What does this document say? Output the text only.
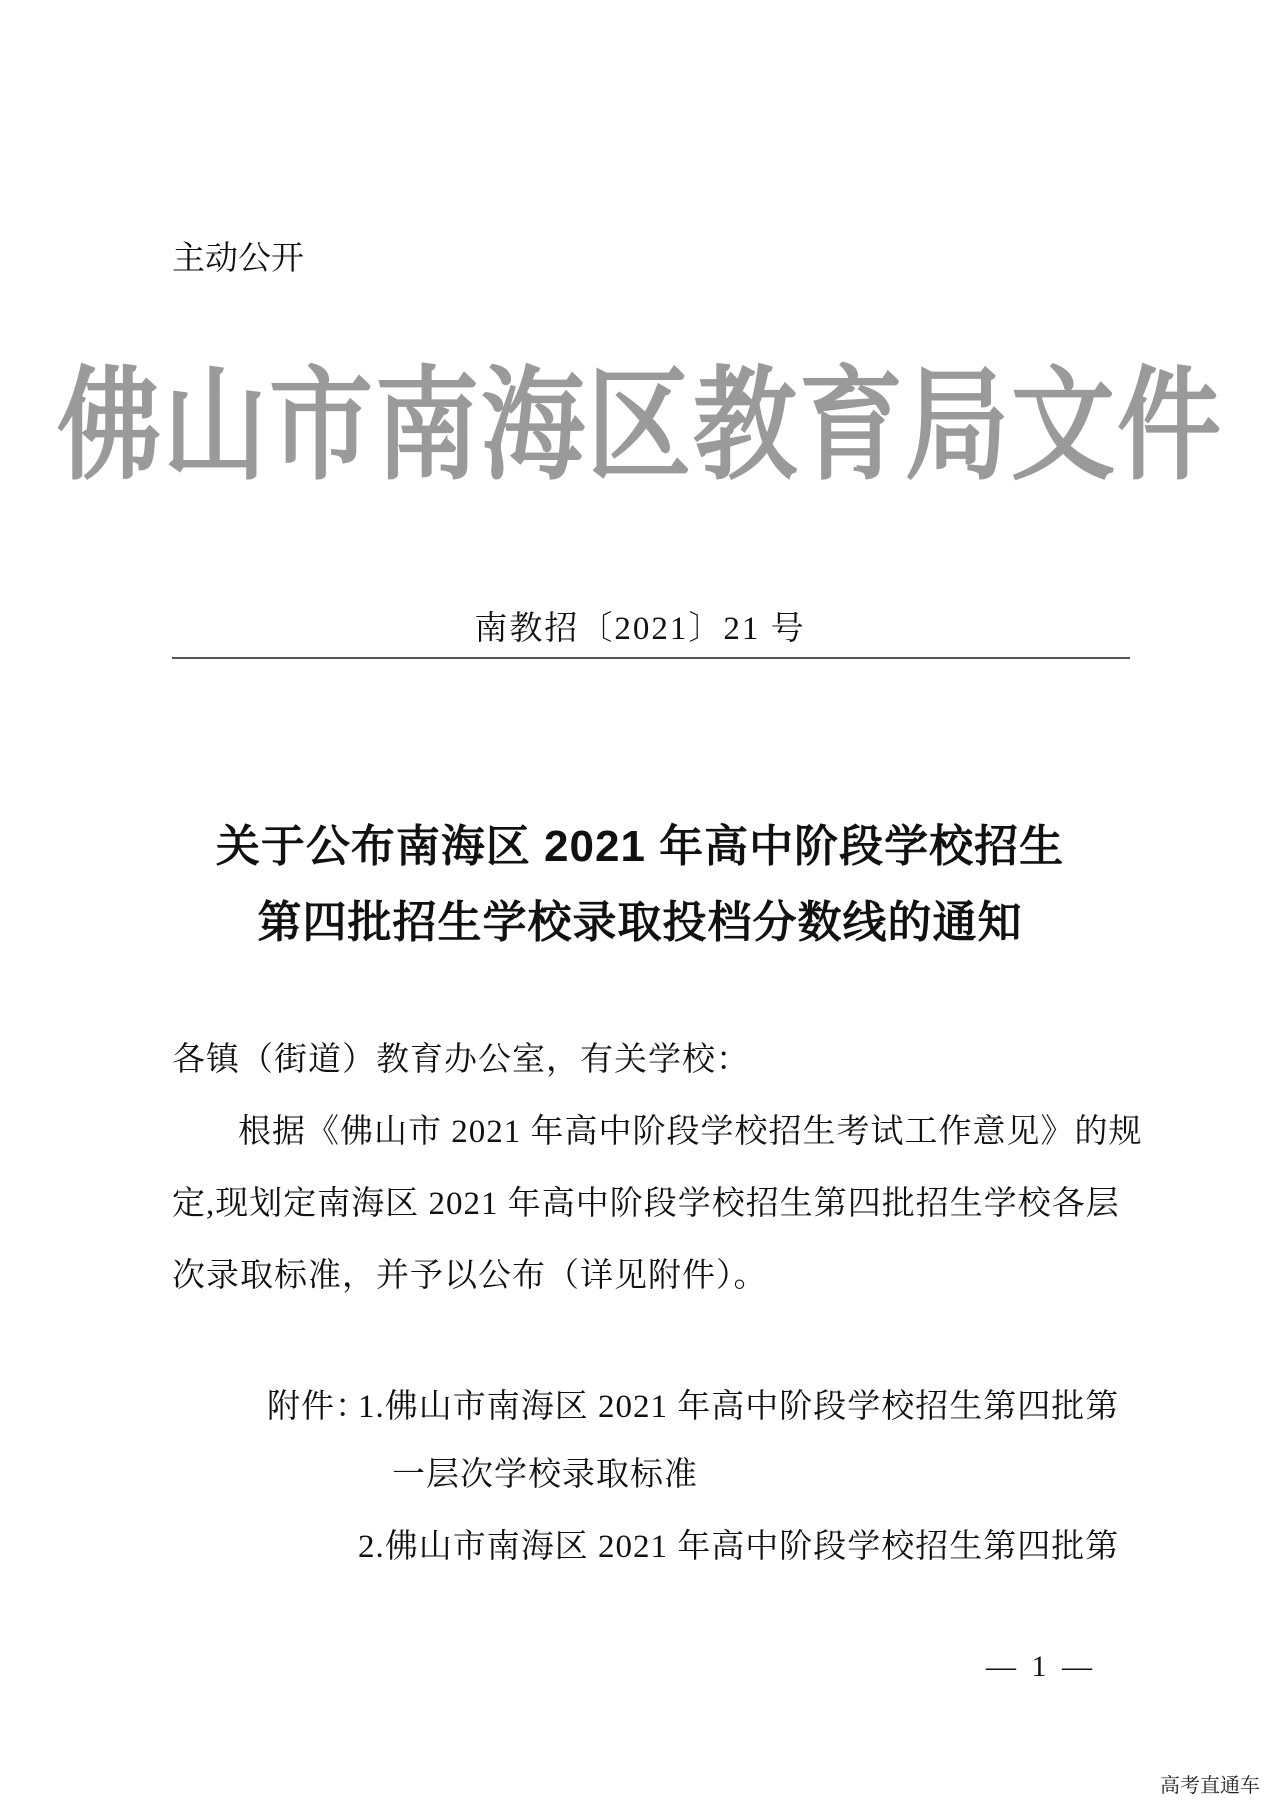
主动公开
佛山市南海区教育局文件
南教招〔2021〕21 号
关于公布南海区 2021 年高中阶段学校招生
第四批招生学校录取投档分数线的通知
各镇（街道）教育办公室，有关学校：
根据《佛山市 2021 年高中阶段学校招生考试工作意见》的规
定,现划定南海区 2021 年高中阶段学校招生第四批招生学校各层
次录取标准，并予以公布（详见附件）。
附件：
1.佛山市南海区 2021 年高中阶段学校招生第四批第
一层次学校录取标准
2.佛山市南海区 2021 年高中阶段学校招生第四批第
— 1 —
高考直通车
